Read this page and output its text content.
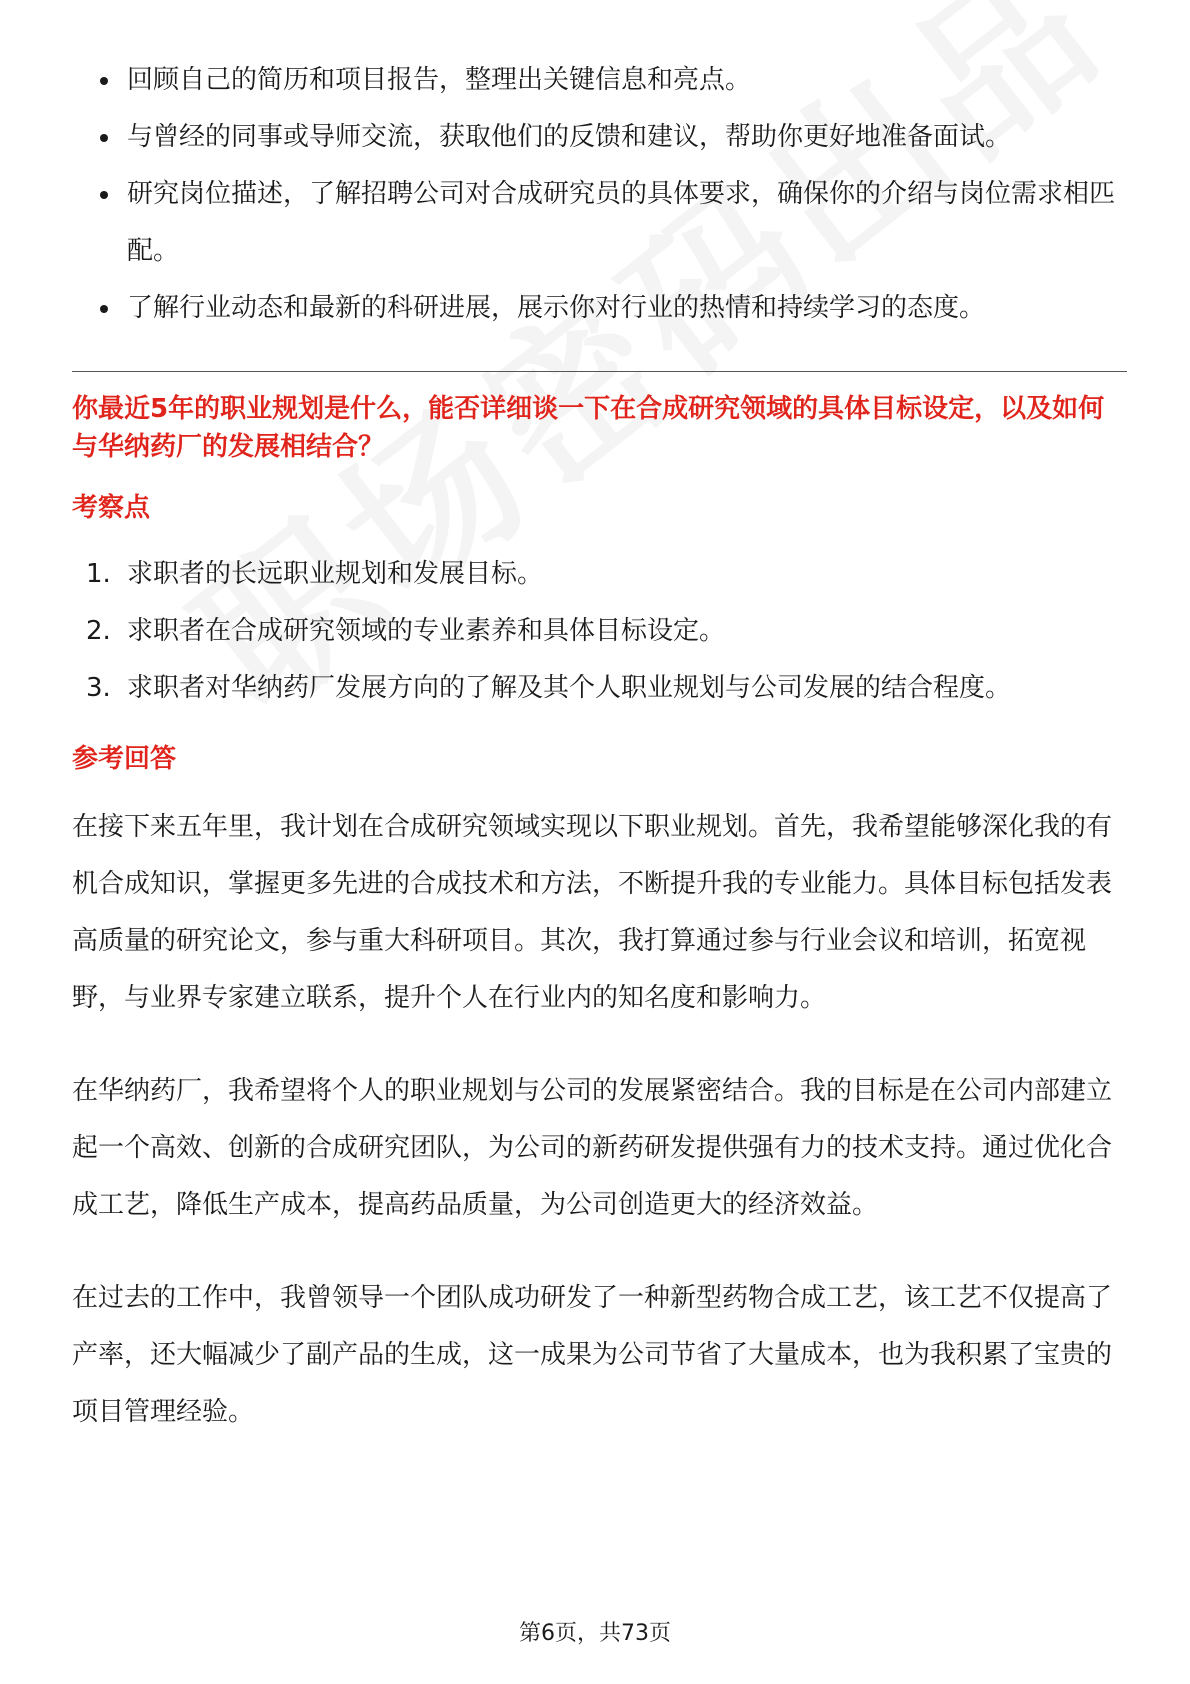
回顾自己的简历和项目报告，整理出关键信息和亮点。
与曾经的同事或导师交流，获取他们的反馈和建议，帮助你更好地准备面试。
研究岗位描述，了解招聘公司对合成研究员的具体要求，确保你的介绍与岗位需求相匹配。
了解行业动态和最新的科研进展，展示你对行业的热情和持续学习的态度。
你最近5年的职业规划是什么，能否详细谈一下在合成研究领域的具体目标设定，以及如何与华纳药厂的发展相结合？
考察点
1. 求职者的长远职业规划和发展目标。
2. 求职者在合成研究领域的专业素养和具体目标设定。
3. 求职者对华纳药厂发展方向的了解及其个人职业规划与公司发展的结合程度。
参考回答

在接下来五年里，我计划在合成研究领域实现以下职业规划。首先，我希望能够深化我的有机合成知识，掌握更多先进的合成技术和方法，不断提升我的专业能力。具体目标包括发表高质量的研究论文，参与重大科研项目。其次，我打算通过参与行业会议和培训，拓宽视野，与业界专家建立联系，提升个人在行业内的知名度和影响力。

在华纳药厂，我希望将个人的职业规划与公司的发展紧密结合。我的目标是在公司内部建立起一个高效、创新的合成研究团队，为公司的新药研发提供强有力的技术支持。通过优化合成工艺，降低生产成本，提高药品质量，为公司创造更大的经济效益。

在过去的工作中，我曾领导一个团队成功研发了一种新型药物合成工艺，该工艺不仅提高了产率，还大幅减少了副产品的生成，这一成果为公司节省了大量成本，也为我积累了宝贵的项目管理经验。

第6页，共73页
